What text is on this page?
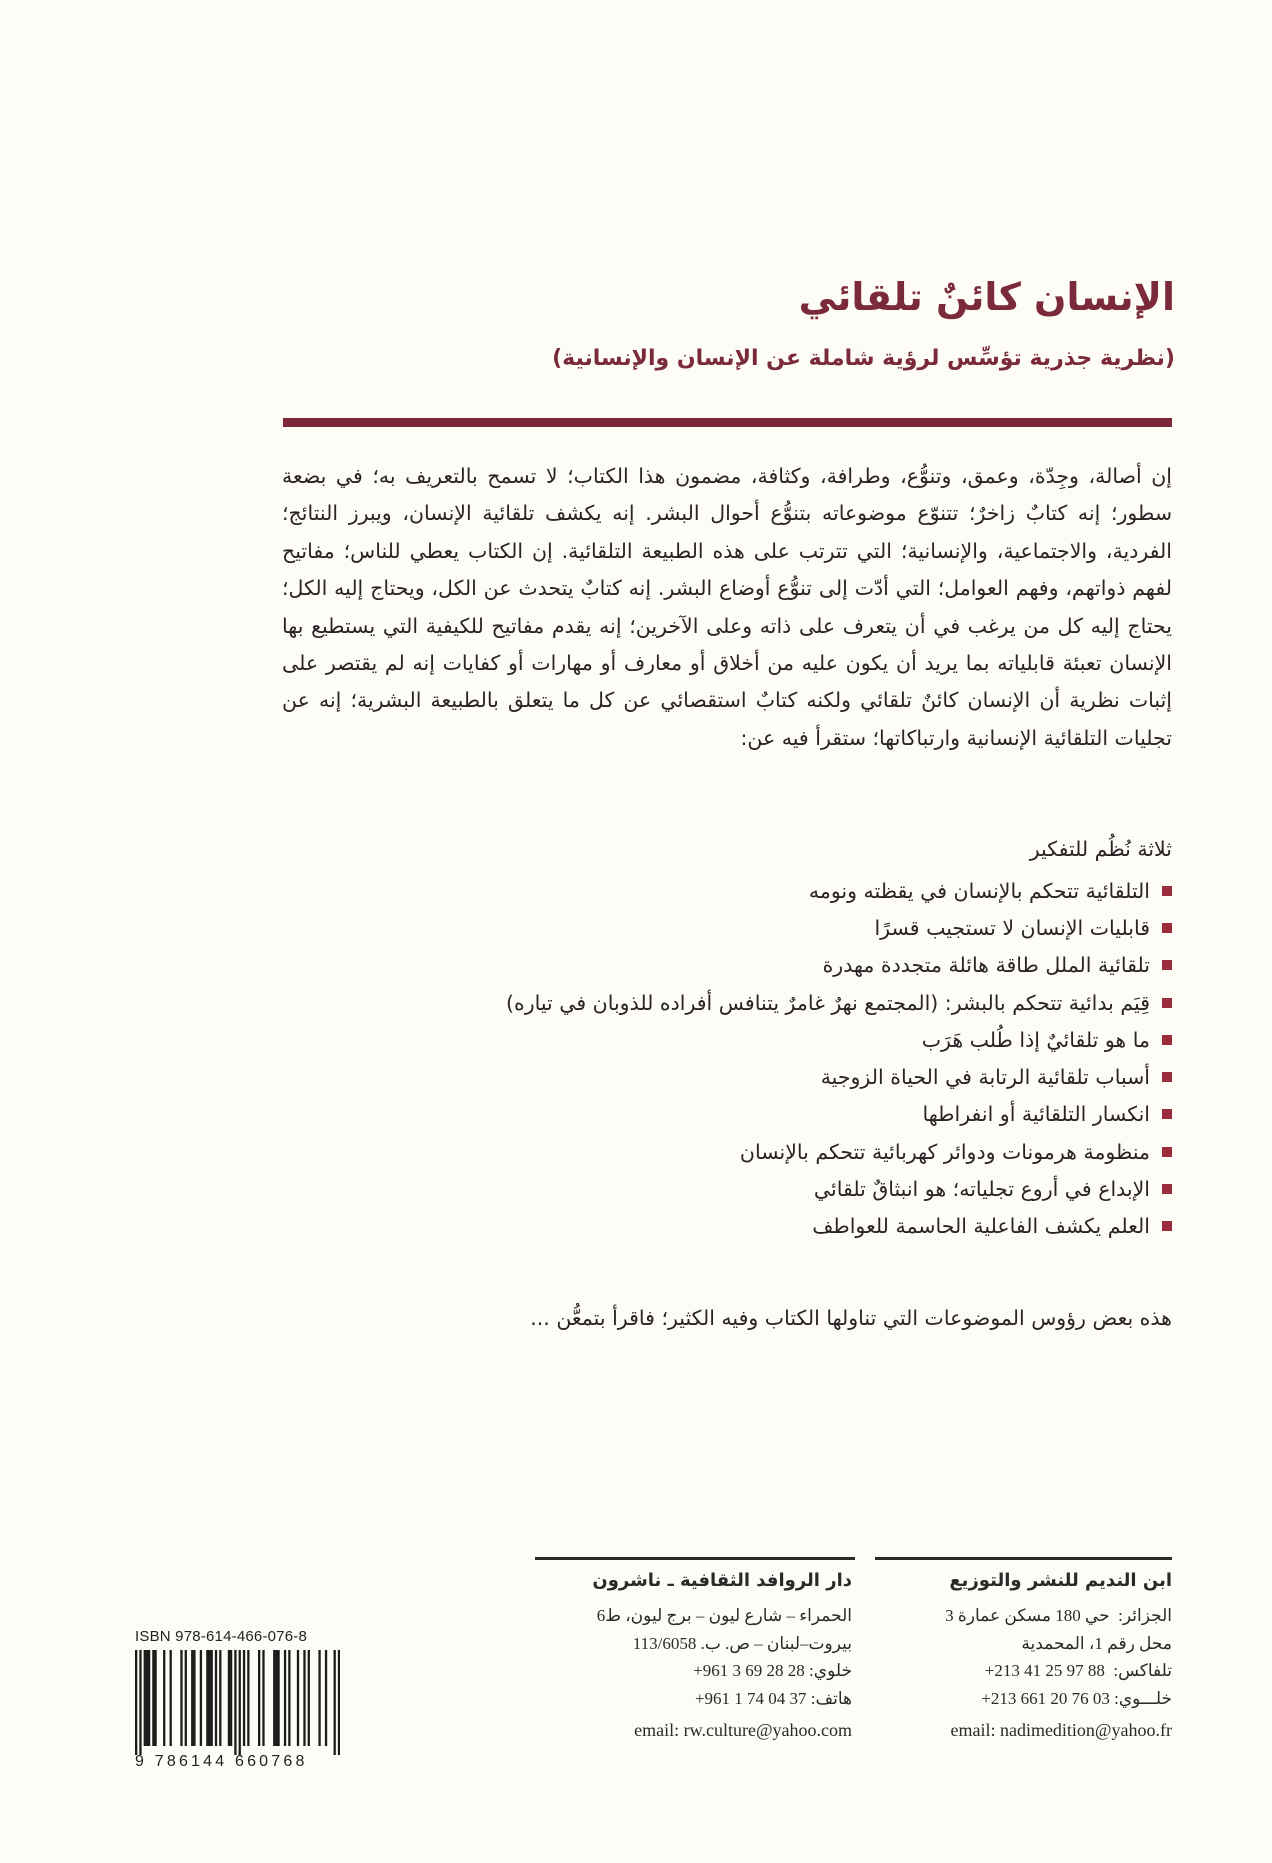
الإنسان كائنٌ تلقائي
(نظرية جذرية تؤسِّس لرؤية شاملة عن الإنسان والإنسانية)

إن أصالة، وجِدّة، وعمق، وتنوُّع، وطرافة، وكثافة، مضمون هذا الكتاب؛ لا تسمح بالتعريف به؛ في بضعة سطور؛ إنه كتابٌ زاخرٌ؛ تتنوّع موضوعاته بتنوُّع أحوال البشر. إنه يكشف تلقائية الإنسان، ويبرز النتائج؛ الفردية، والاجتماعية، والإنسانية؛ التي تترتب على هذه الطبيعة التلقائية. إن الكتاب يعطي للناس؛ مفاتيح لفهم ذواتهم، وفهم العوامل؛ التي أدّت إلى تنوُّع أوضاع البشر. إنه كتابٌ يتحدث عن الكل، ويحتاج إليه الكل؛ يحتاج إليه كل من يرغب في أن يتعرف على ذاته وعلى الآخرين؛ إنه يقدم مفاتيح للكيفية التي يستطيع بها الإنسان تعبئة قابلياته بما يريد أن يكون عليه من أخلاق أو معارف أو مهارات أو كفايات إنه لم يقتصر على إثبات نظرية أن الإنسان كائنٌ تلقائي ولكنه كتابٌ استقصائي عن كل ما يتعلق بالطبيعة البشرية؛ إنه عن تجليات التلقائية الإنسانية وارتباكاتها؛ ستقرأ فيه عن:

ثلاثة نُظُم للتفكير

التلقائية تتحكم بالإنسان في يقظته ونومه
قابليات الإنسان لا تستجيب قسرًا
تلقائية الملل طاقة هائلة متجددة مهدرة
قِيَم بدائية تتحكم بالبشر: (المجتمع نهرٌ غامرٌ يتنافس أفراده للذوبان في تياره)
ما هو تلقائيٌ إذا طُلب هَرَب
أسباب تلقائية الرتابة في الحياة الزوجية
انكسار التلقائية أو انفراطها
منظومة هرمونات ودوائر كهربائية تتحكم بالإنسان
الإبداع في أروع تجلياته؛ هو انبثاقٌ تلقائي
العلم يكشف الفاعلية الحاسمة للعواطف

هذه بعض رؤوس الموضوعات التي تناولها الكتاب وفيه الكثير؛ فاقرأ بتمعُّن ...

ابن النديم للنشر والتوزيع

الجزائر:  حي 180 مسكن عمارة 3

محل رقم 1، المحمدية

تلفاكس:  +213 41 25 97 88

خلـــوي: +213 661 20 76 03

email: nadimedition@yahoo.fr

دار الروافد الثقافية ـ ناشرون

الحمراء – شارع ليون – برج ليون، ط6

بيروت–لبنان – ص. ب. 113/6058

خلوي: +961 3 69 28 28

هاتف: +961 1 74 04 37

email: rw.culture@yahoo.com

ISBN 978-614-466-076-8

9 786144 660768
